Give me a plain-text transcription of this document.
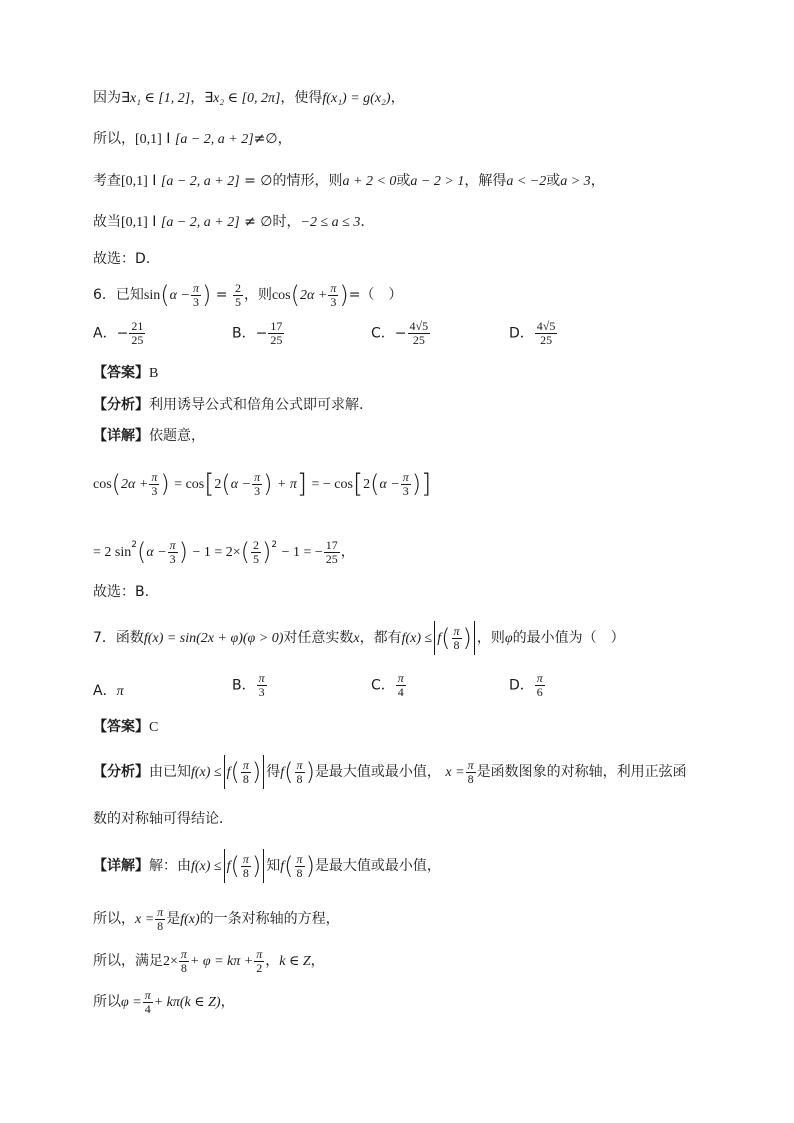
因为∃x₁ ∈ [1, 2]，∃x₂ ∈ [0, 2π]，使得f(x₁) = g(x₂)，
所以，[0,1] I [a − 2, a + 2]≠∅，
考查[0,1] I [a − 2, a + 2] = ∅的情形，则a + 2 < 0或a − 2 > 1，解得a < −2或a > 3，
故当[0,1] I [a − 2, a + 2] ≠ ∅时，−2 ≤ a ≤ 3.
故选：D.
6．已知$\sin(\alpha - \frac{\pi}{3}$ ) = $\frac{2}{5}$ ，则$\cos(2\alpha + \frac{\pi}{3}$ )=（　）
A．− $\frac{21}{25}$	B．− $\frac{17}{25}$	C．− $\frac{4√5}{25}$	D． $\frac{4√5}{25}$
【答案】B
【分析】利用诱导公式和倍角公式即可求解.
【详解】依题意，
$\cos(2\alpha + \frac{\pi}{3}$ ) = $\cos[2(\alpha - \frac{\pi}{3}$ ) + π] = − $\cos[2(\alpha - \frac{\pi}{3}$ )]
= 2 $\sin^2(\alpha - \frac{\pi}{3}$ ) − $1 = 2\times( \frac{2}{5} )^2 - 1$ = − $\frac{17}{25}$ ，
故选：B.
7．函数f(x) = sin(2x + φ)(φ > 0)对任意实数x，都有$f(x) \le f( \frac{\pi}{8}$ ) ，则φ的最小值为（　）
A．π	B． $\frac{\pi}{3}$	C． $\frac{\pi}{4}$	D． $\frac{\pi}{6}$
【答案】C
【分析】由已知$f(x) \le f( \frac{\pi}{8}$ ) 得$f( \frac{\pi}{8}$ )是最大值或最小值， $x = \frac{\pi}{8}$ 是函数图象的对称轴，利用正弦函
数的对称轴可得结论．
【详解】解：由$f(x) \le f( \frac{\pi}{8}$ ) 知$f( \frac{\pi}{8}$ )是最大值或最小值，
所以，$x = \frac{\pi}{8}$ 是f(x)的一条对称轴的方程，
所以，满足$2\times \frac{\pi}{8} + \varphi = k\pi + \frac{\pi}{2}$ ，k ∈ Z，
所以$\varphi = \frac{\pi}{4} + k\pi(k$ ∈ Z)，
